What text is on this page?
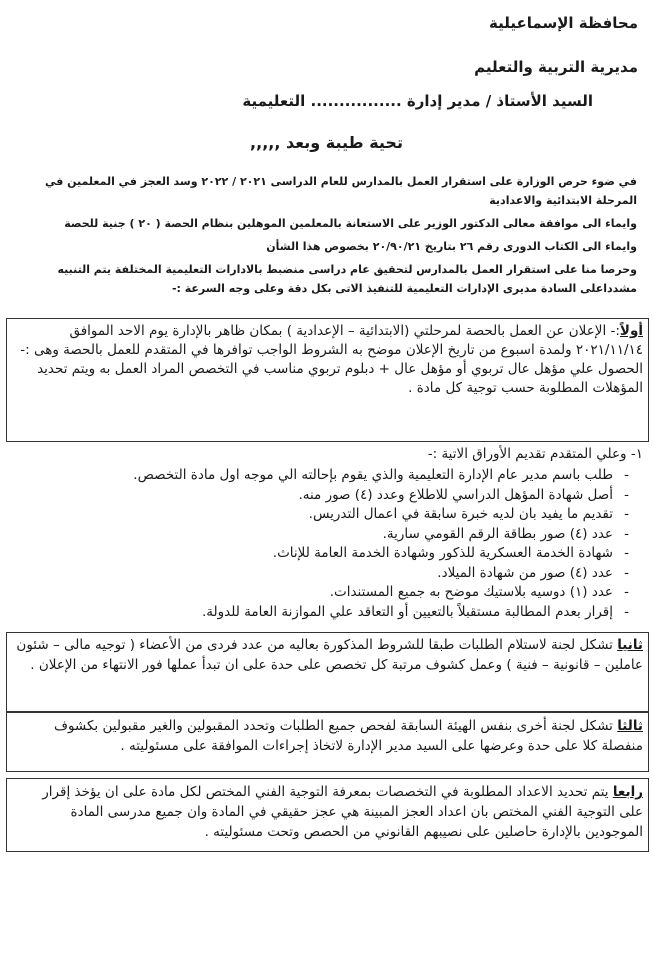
محافظة الإسماعيلية
مديرية التربية والتعليم
السيد الأستاذ / مدير إدارة ................ التعليمية
تحية طيبة وبعد ,,,,,

في ضوء حرص الوزارة على استقرار العمل بالمدارس للعام الدراسى ٢٠٢١ / ٢٠٢٢ وسد العجز في المعلمين في المرحلة الابتدائية والاعدادية

وايماء الى موافقة معالى الدكتور الوزير على الاستعانة بالمعلمين الموهلين بنظام الحصة ( ٢٠ ) جنية للحصة

وايماء الى الكتاب الدورى رقم ٢٦ بتاريخ ٢٠/٩٠/٢١ بخصوص هذا الشأن

وحرصا منا على استقرار العمل بالمدارس لتحقيق عام دراسى منضبط بالادارات التعليمية المختلفة يتم التنبيه مشدداعلى السادة مديرى الإدارات التعليمية للتنفيذ الاتى بكل دقة وعلى وجه السرعة :-

أولاً:- الإعلان عن العمل بالحصة لمرحلتي (الابتدائية – الإعدادية ) بمكان ظاهر بالإدارة يوم الاحد الموافق ٢٠٢١/١١/١٤ ولمدة اسبوع من تاريخ الإعلان موضح به الشروط الواجب توافرها في المتقدم للعمل بالحصة وهى :-

الحصول علي مؤهل عال تربوي أو مؤهل عال + دبلوم تربوي مناسب في التخصص المراد العمل به ويتم تحديد المؤهلات المطلوبة حسب توجية كل مادة .

١- وعلي المتقدم تقديم الأوراق الاتية :-
- طلب باسم مدير عام الإدارة التعليمية والذي يقوم بإحالته الي موجه اول مادة التخصص.
- أصل شهادة المؤهل الدراسي للاطلاع وعدد (٤) صور منه.
- تقديم ما يفيد بان لديه خبرة سابقة في اعمال التدريس.
- عدد (٤) صور بطاقة الرقم القومي سارية.
- شهادة الخدمة العسكرية للذكور وشهادة الخدمة العامة للإناث.
- عدد (٤) صور من شهادة الميلاد.
- عدد (١) دوسيه بلاستيك موضح به جميع المستندات.
- إقرار بعدم المطالبة مستقبلاً بالتعيين أو التعاقد علي الموازنة العامة للدولة.

ثانيا تشكل لجنة لاستلام الطلبات طبقا للشروط المذكورة بعاليه من عدد فردى من الأعضاء ( توجيه مالى – شئون عاملين – قانونية – فنية ) وعمل كشوف مرتبة كل تخصص على حدة على ان تبدأ عملها فور الانتهاء من الإعلان .

ثالثا تشكل لجنة أخرى بنفس الهيئة السابقة لفحص جميع الطلبات وتحدد المقبولين والغير مقبولين بكشوف منفصلة كلا على حدة وعرضها على السيد مدير الإدارة لاتخاذ إجراءات الموافقة على مسئوليته .

رابعا يتم تحديد الاعداد المطلوبة في التخصصات بمعرفة التوجية الفني المختص لكل مادة على ان يؤخذ إقرار على التوجية الفني المختص بان اعداد العجز المبينة هي عجز حقيقي في المادة وان جميع مدرسى المادة الموجودين بالإدارة حاصلين على نصيبهم القانوني من الحصص وتحت مسئوليته .
